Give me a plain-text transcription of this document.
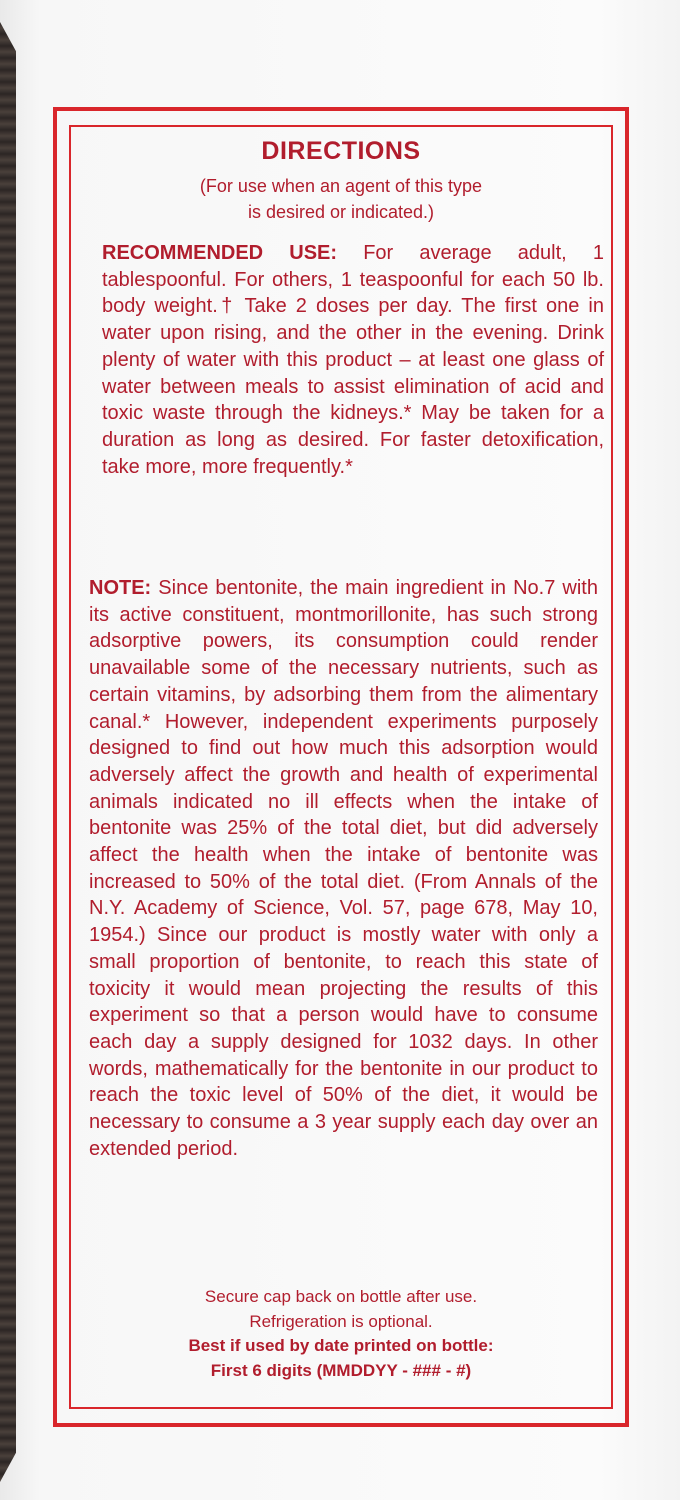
DIRECTIONS
(For use when an agent of this type
is desired or indicated.)
RECOMMENDED USE: For average adult, 1 tablespoonful. For others, 1 teaspoonful for each 50 lb. body weight.† Take 2 doses per day. The first one in water upon rising, and the other in the evening. Drink plenty of water with this product – at least one glass of water between meals to assist elimination of acid and toxic waste through the kidneys.* May be taken for a duration as long as desired. For faster detoxification, take more, more frequently.*
NOTE: Since bentonite, the main ingredient in No.7 with its active constituent, montmorillonite, has such strong adsorptive powers, its consumption could render unavailable some of the necessary nutrients, such as certain vitamins, by adsorbing them from the alimentary canal.* However, independent experiments purposely designed to find out how much this adsorption would adversely affect the growth and health of experimental animals indicated no ill effects when the intake of bentonite was 25% of the total diet, but did adversely affect the health when the intake of bentonite was increased to 50% of the total diet. (From Annals of the N.Y. Academy of Science, Vol. 57, page 678, May 10, 1954.) Since our product is mostly water with only a small proportion of bentonite, to reach this state of toxicity it would mean projecting the results of this experiment so that a person would have to consume each day a supply designed for 1032 days. In other words, mathematically for the bentonite in our product to reach the toxic level of 50% of the diet, it would be necessary to consume a 3 year supply each day over an extended period.
Secure cap back on bottle after use.
Refrigeration is optional.
Best if used by date printed on bottle:
First 6 digits (MMDDYY - ### - #)
